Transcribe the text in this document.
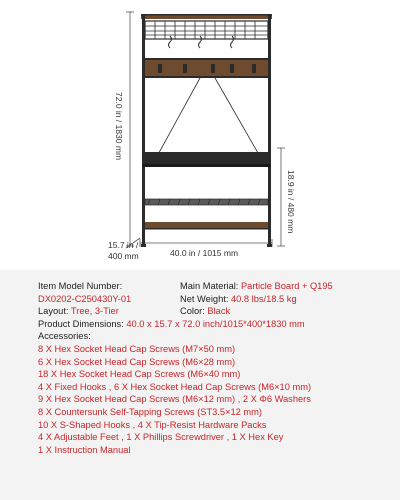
72.0 in / 1830 mm
18.9 in / 480 mm
15.7 in /
400 mm	40.0 in / 1015 mm
Item Model Number:	Main Material: Particle Board + Q195
DX0202-C250430Y-01	Net Weight: 40.8 lbs/18.5 kg
Layout: Tree, 3-Tier	Color: Black
Product Dimensions: 40.0 x 15.7 x 72.0 inch/1015*400*1830 mm
Accessories:
8 X Hex Socket Head Cap Screws (M7×50 mm)
6 X Hex Socket Head Cap Screws (M6×28 mm)
18 X Hex Socket Head Cap Screws (M6×40 mm)
4 X Fixed Hooks , 6 X Hex Socket Head Cap Screws (M6×10 mm)
9 X Hex Socket Head Cap Screws (M6×12 mm) , 2 X Φ6 Washers
8 X Countersunk Self-Tapping Screws (ST3.5×12 mm)
10 X S-Shaped Hooks , 4 X Tip-Resist Hardware Packs
4 X Adjustable Feet , 1 X Phillips Screwdriver , 1 X Hex Key
1 X Instruction Manual
